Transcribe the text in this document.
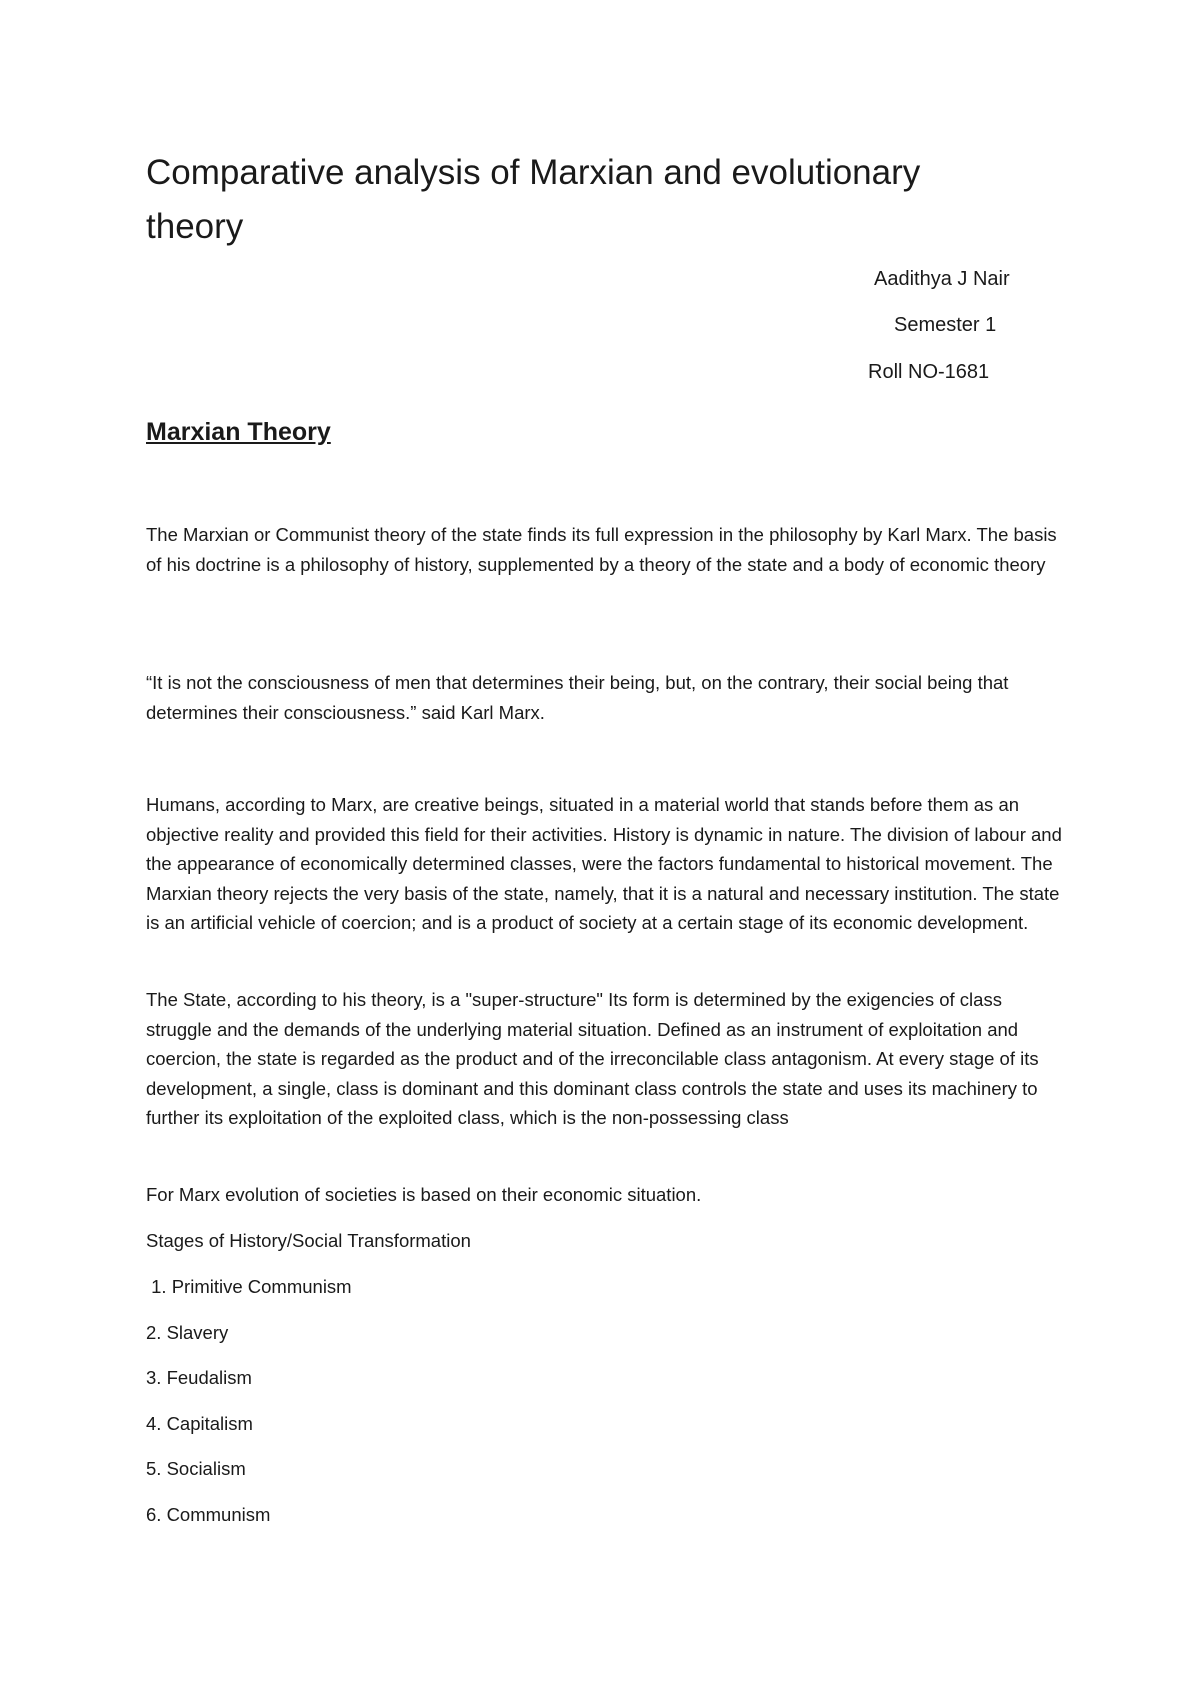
Comparative analysis of Marxian and evolutionary theory
Aadithya J Nair
Semester 1
Roll NO-1681
Marxian Theory

The Marxian or Communist theory of the state finds its full expression in the philosophy by Karl Marx. The basis of his doctrine is a philosophy of history, supplemented by a theory of the state and a body of economic theory

“It is not the consciousness of men that determines their being, but, on the contrary, their social being that determines their consciousness.” said Karl Marx.

Humans, according to Marx, are creative beings, situated in a material world that stands before them as an objective reality and provided this field for their activities. History is dynamic in nature. The division of labour and the appearance of economically determined classes, were the factors fundamental to historical movement. The Marxian theory rejects the very basis of the state, namely, that it is a natural and necessary institution. The state is an artificial vehicle of coercion; and is a product of society at a certain stage of its economic development.

The State, according to his theory, is a "super-structure" Its form is determined by the exigencies of class struggle and the demands of the underlying material situation. Defined as an instrument of exploitation and coercion, the state is regarded as the product and of the irreconcilable class antagonism. At every stage of its development, a single, class is dominant and this dominant class controls the state and uses its machinery to further its exploitation of the exploited class, which is the non-possessing class

For Marx evolution of societies is based on their economic situation.

Stages of History/Social Transformation

1. Primitive Communism
2. Slavery
3. Feudalism
4. Capitalism
5. Socialism
6. Communism
